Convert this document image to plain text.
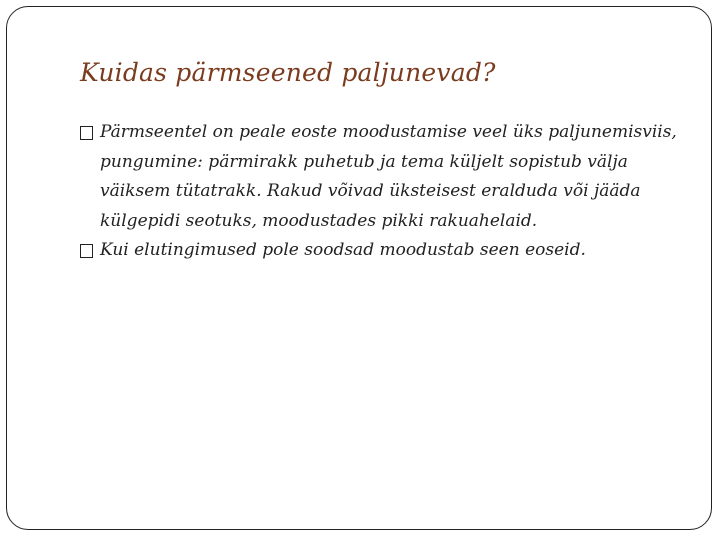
Kuidas pärmseened paljunevad?

Pärmseentel on peale eoste moodustamise veel üks paljunemisviis, pungumine: pärmirakk puhetub ja tema küljelt sopistub välja väiksem tütatrakk. Rakud võivad üksteisest eralduda või jääda külgepidi seotuks, moodustades pikki rakuahelaid.

Kui elutingimused pole soodsad moodustab seen eoseid.
